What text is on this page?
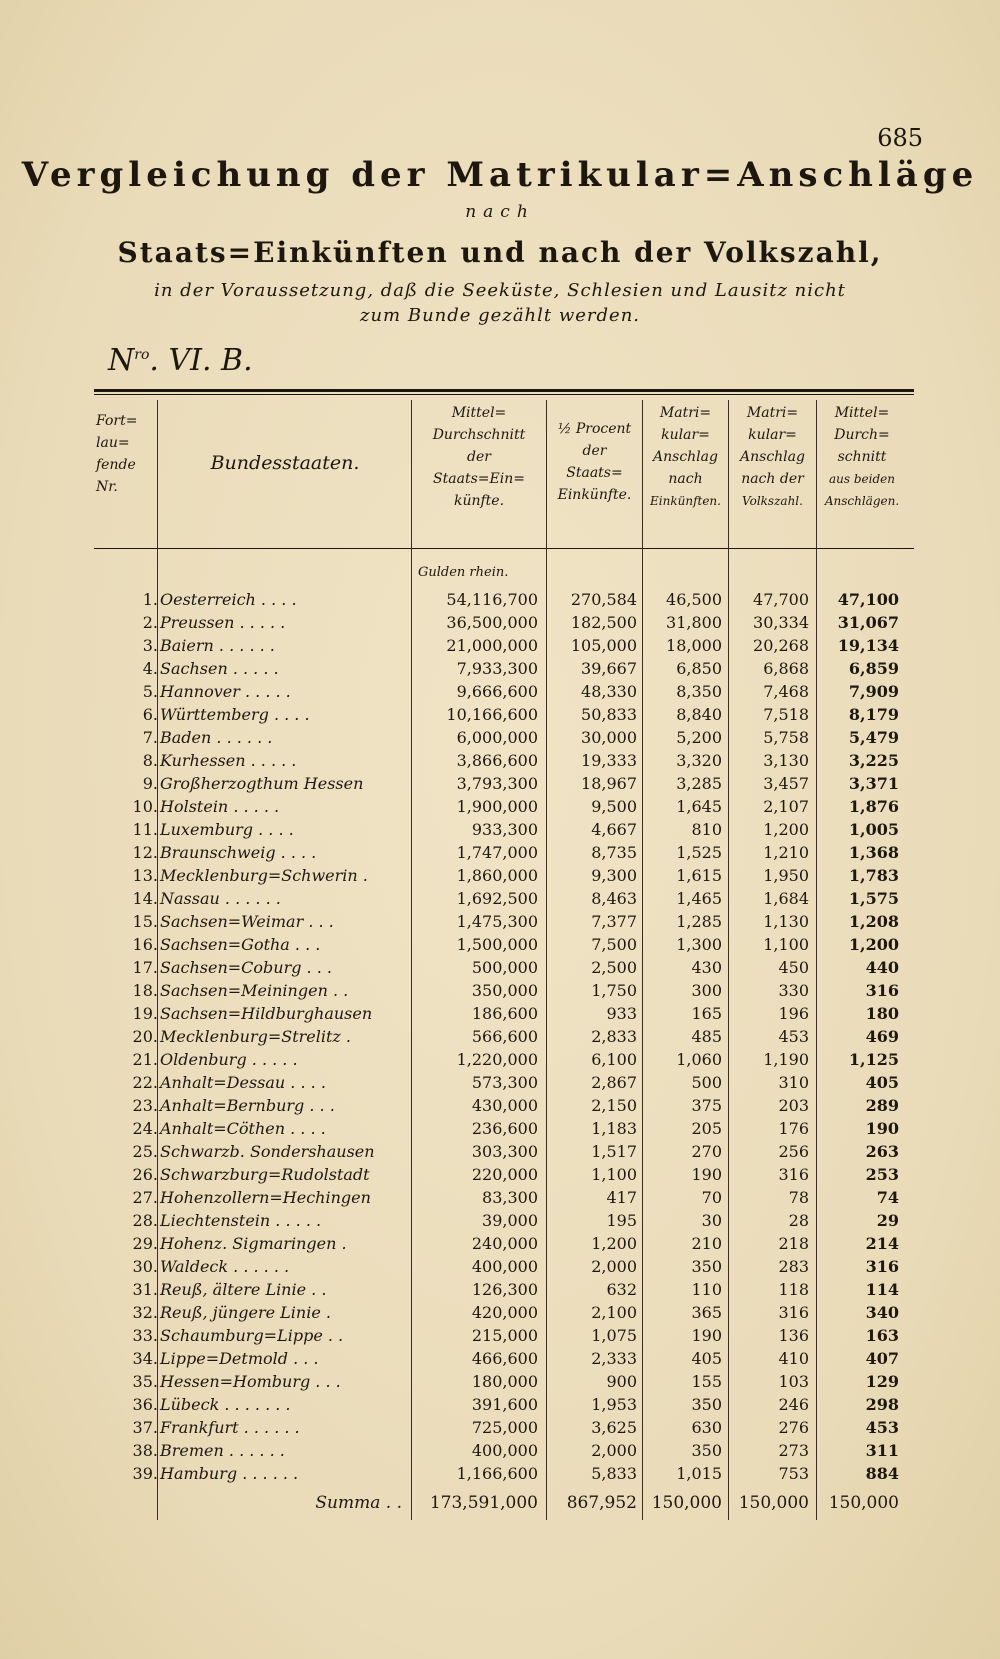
685
Vergleichung der Matrikular=Anschläge
nach
Staats=Einkünften und nach der Volkszahl,
in der Voraussetzung, daß die Seeküste, Schlesien und Lausitz nicht
zum Bunde gezählt werden.
$N^{ro}$. VI. B.
Fort=
lau=
fende
Nr.
Bundesstaaten.
Mittel=
Durchschnitt
der
Staats=Ein=
künfte.
½ Procent
der
Staats=
Einkünfte.
Matri=
kular=
Anschlag
nach
Einkünften.
Matri=
kular=
Anschlag
nach der
Volkszahl.
Mittel=
Durch=
schnitt
aus beiden
Anschlägen.
Gulden rhein.
1. Oesterreich . . . .	54,116,700	270,584	46,500	47,700	47,100
2. Preussen . . . . .	36,500,000	182,500	31,800	30,334	31,067
3. Baiern . . . . . .	21,000,000	105,000	18,000	20,268	19,134
4. Sachsen . . . . .	7,933,300	39,667	6,850	6,868	6,859
5. Hannover . . . . .	9,666,600	48,330	8,350	7,468	7,909
6. Württemberg . . . .	10,166,600	50,833	8,840	7,518	8,179
7. Baden . . . . . .	6,000,000	30,000	5,200	5,758	5,479
8. Kurhessen . . . . .	3,866,600	19,333	3,320	3,130	3,225
9. Großherzogthum Hessen	3,793,300	18,967	3,285	3,457	3,371
10. Holstein . . . . .	1,900,000	9,500	1,645	2,107	1,876
11. Luxemburg . . . .	933,300	4,667	810	1,200	1,005
12. Braunschweig . . . .	1,747,000	8,735	1,525	1,210	1,368
13. Mecklenburg=Schwerin .	1,860,000	9,300	1,615	1,950	1,783
14. Nassau . . . . . .	1,692,500	8,463	1,465	1,684	1,575
15. Sachsen=Weimar . . .	1,475,300	7,377	1,285	1,130	1,208
16. Sachsen=Gotha . . .	1,500,000	7,500	1,300	1,100	1,200
17. Sachsen=Coburg . . .	500,000	2,500	430	450	440
18. Sachsen=Meiningen . .	350,000	1,750	300	330	316
19. Sachsen=Hildburghausen	186,600	933	165	196	180
20. Mecklenburg=Strelitz .	566,600	2,833	485	453	469
21. Oldenburg . . . . .	1,220,000	6,100	1,060	1,190	1,125
22. Anhalt=Dessau . . . .	573,300	2,867	500	310	405
23. Anhalt=Bernburg . . .	430,000	2,150	375	203	289
24. Anhalt=Cöthen . . . .	236,600	1,183	205	176	190
25. Schwarzb. Sondershausen	303,300	1,517	270	256	263
26. Schwarzburg=Rudolstadt	220,000	1,100	190	316	253
27. Hohenzollern=Hechingen	83,300	417	70	78	74
28. Liechtenstein . . . . .	39,000	195	30	28	29
29. Hohenz. Sigmaringen .	240,000	1,200	210	218	214
30. Waldeck . . . . . .	400,000	2,000	350	283	316
31. Reuß, ältere Linie . .	126,300	632	110	118	114
32. Reuß, jüngere Linie .	420,000	2,100	365	316	340
33. Schaumburg=Lippe . .	215,000	1,075	190	136	163
34. Lippe=Detmold . . .	466,600	2,333	405	410	407
35. Hessen=Homburg . . .	180,000	900	155	103	129
36. Lübeck . . . . . . .	391,600	1,953	350	246	298
37. Frankfurt . . . . . .	725,000	3,625	630	276	453
38. Bremen . . . . . .	400,000	2,000	350	273	311
39. Hamburg . . . . . .	1,166,600	5,833	1,015	753	884
Summa . .	173,591,000	867,952 150,000 150,000	150,000
